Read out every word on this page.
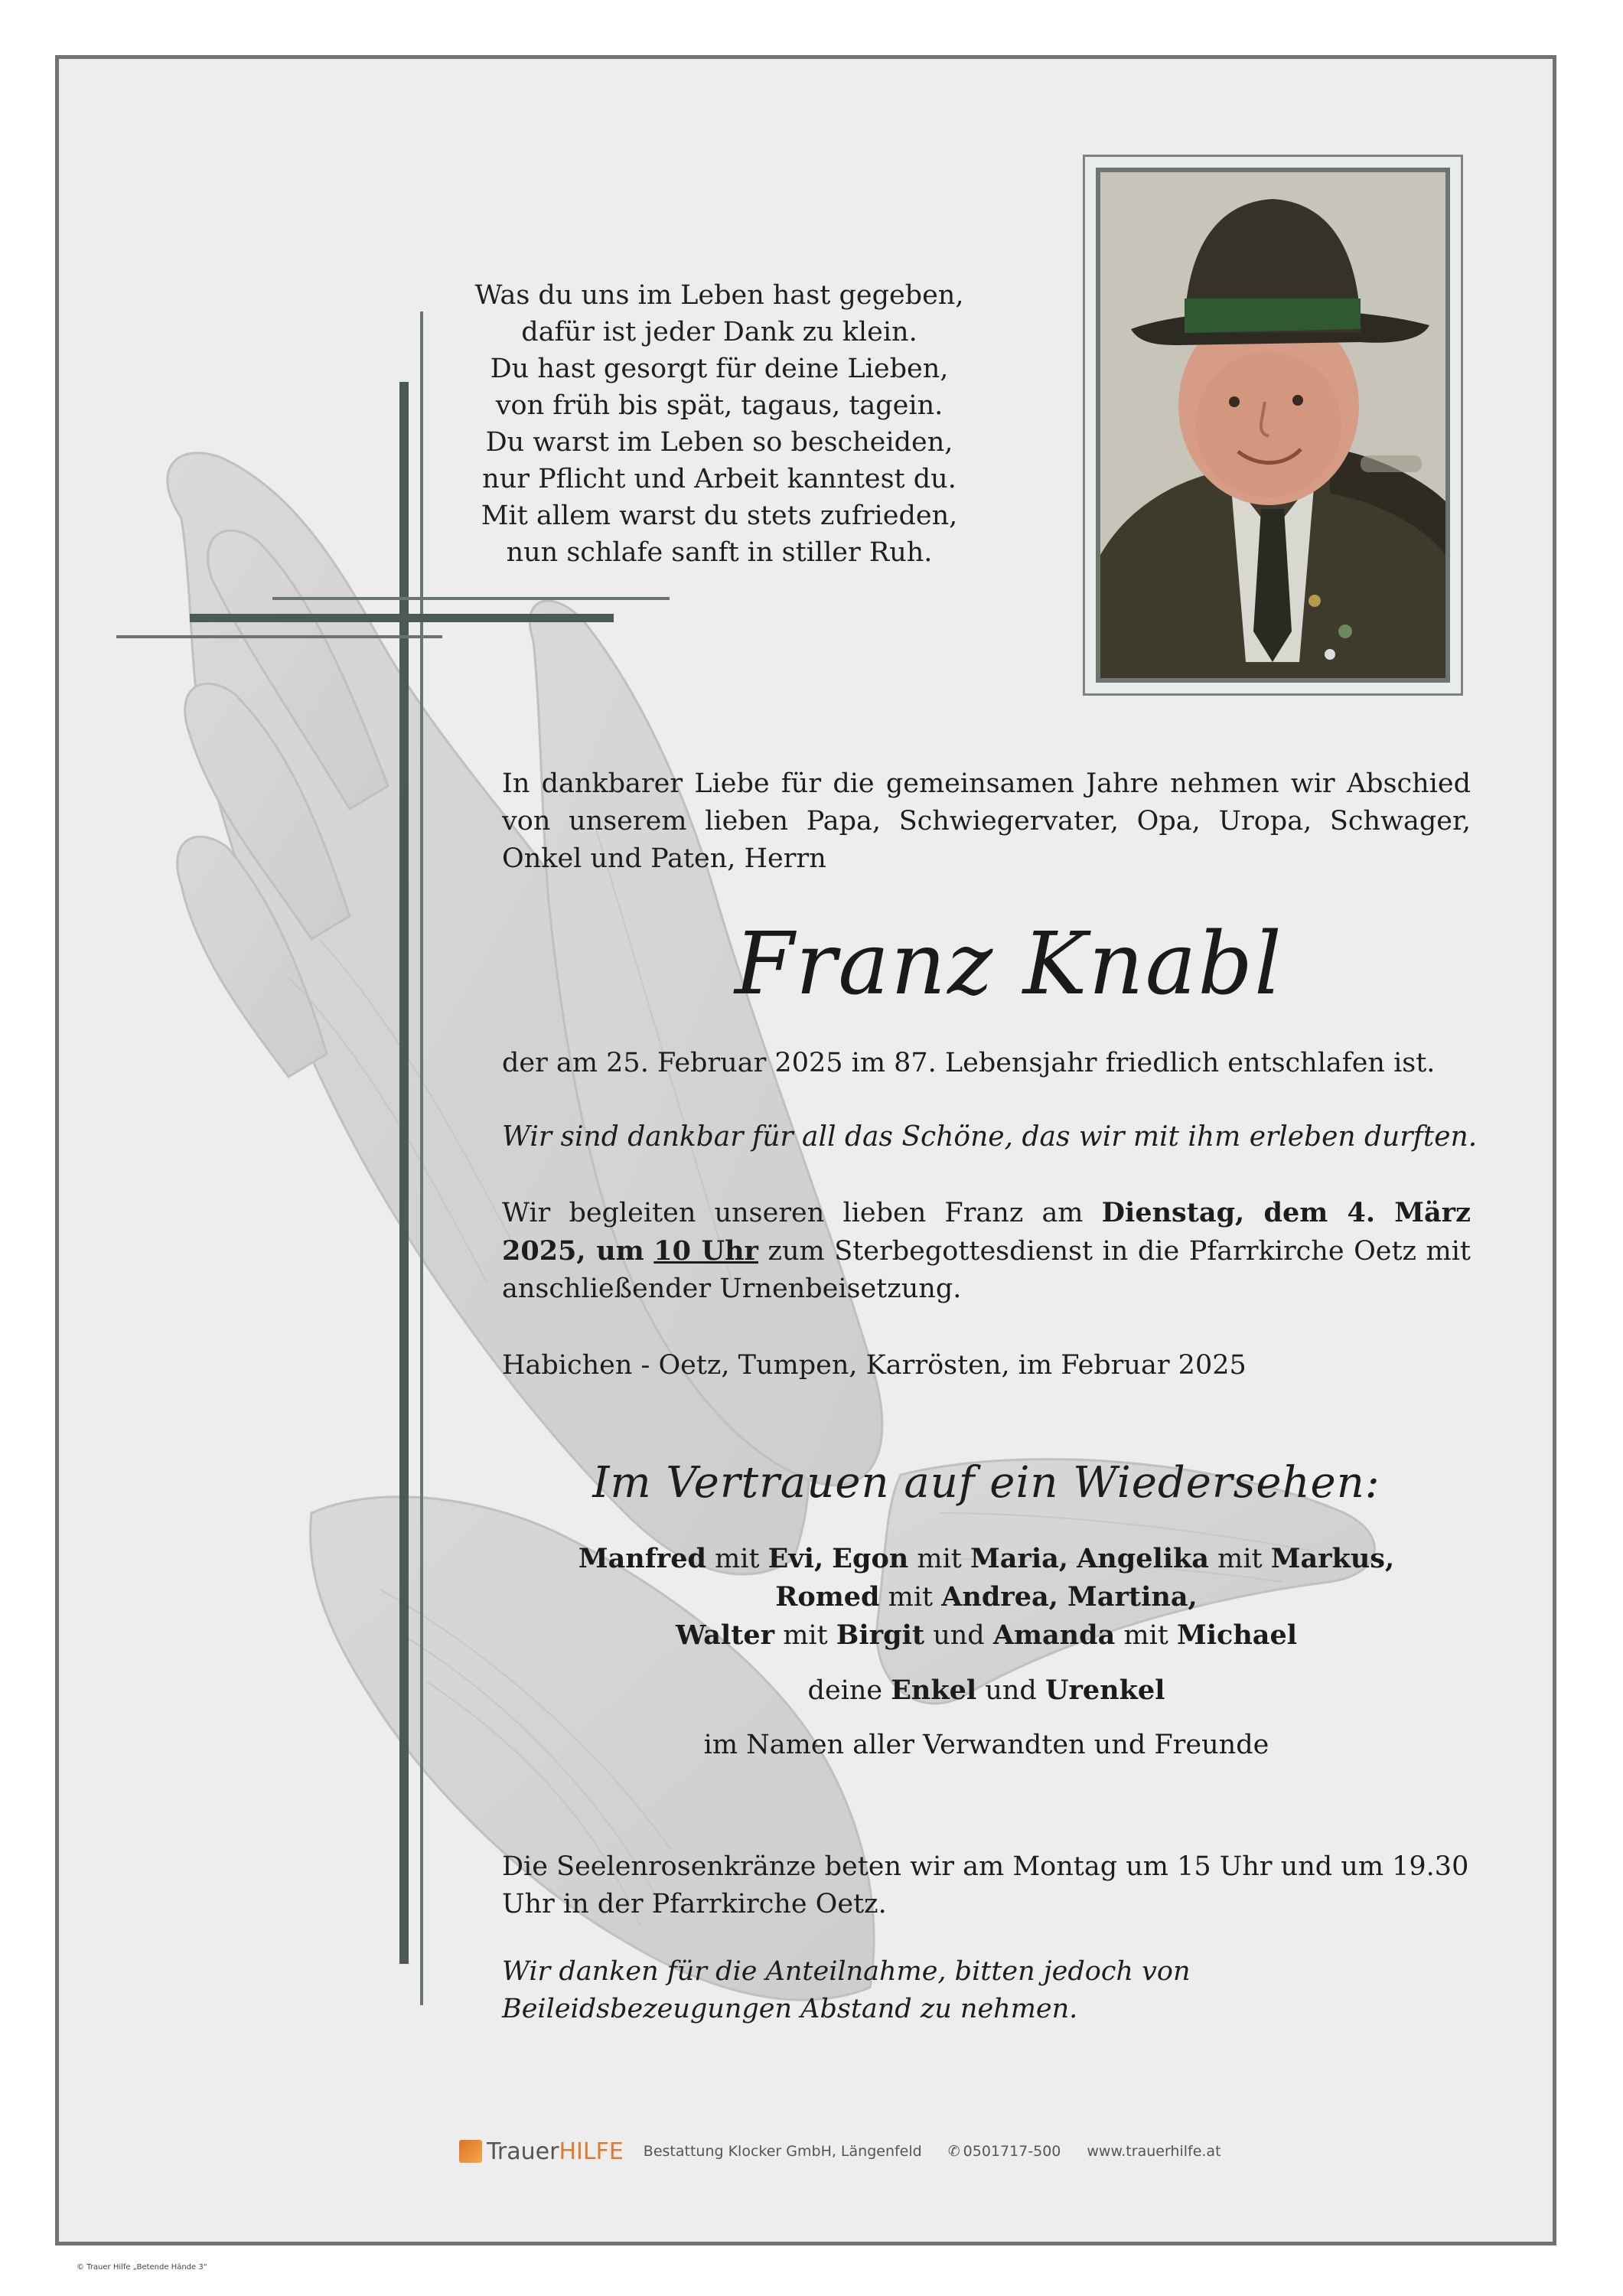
Was du uns im Leben hast gegeben,
dafür ist jeder Dank zu klein.
Du hast gesorgt für deine Lieben,
von früh bis spät, tagaus, tagein.
Du warst im Leben so bescheiden,
nur Pflicht und Arbeit kanntest du.
Mit allem warst du stets zufrieden,
nun schlafe sanft in stiller Ruh.
In dankbarer Liebe für die gemeinsamen Jahre nehmen wir Abschied von unserem lieben Papa, Schwiegervater, Opa, Uropa, Schwager, Onkel und Paten, Herrn
Franz Knabl
der am 25. Februar 2025 im 87. Lebensjahr friedlich entschlafen ist.
Wir sind dankbar für all das Schöne, das wir mit ihm erleben durften.
Wir begleiten unseren lieben Franz am Dienstag, dem 4. März 2025, um 10 Uhr zum Sterbegottesdienst in die Pfarrkirche Oetz mit anschließender Urnenbeisetzung.
Habichen - Oetz, Tumpen, Karrösten, im Februar 2025
Im Vertrauen auf ein Wiedersehen:
Manfred mit Evi, Egon mit Maria, Angelika mit Markus,
Romed mit Andrea, Martina,
Walter mit Birgit und Amanda mit Michael
deine Enkel und Urenkel
im Namen aller Verwandten und Freunde
Die Seelenrosenkränze beten wir am Montag um 15 Uhr und um 19.30 Uhr in der Pfarrkirche Oetz.
Wir danken für die Anteilnahme, bitten jedoch von Beileidsbezeugungen Abstand zu nehmen.
Trauer HILFE Bestattung Klocker GmbH, Längenfeld ✆ 0501717-500 www.trauerhilfe.at
© Trauer Hilfe „Betende Hände 3“
